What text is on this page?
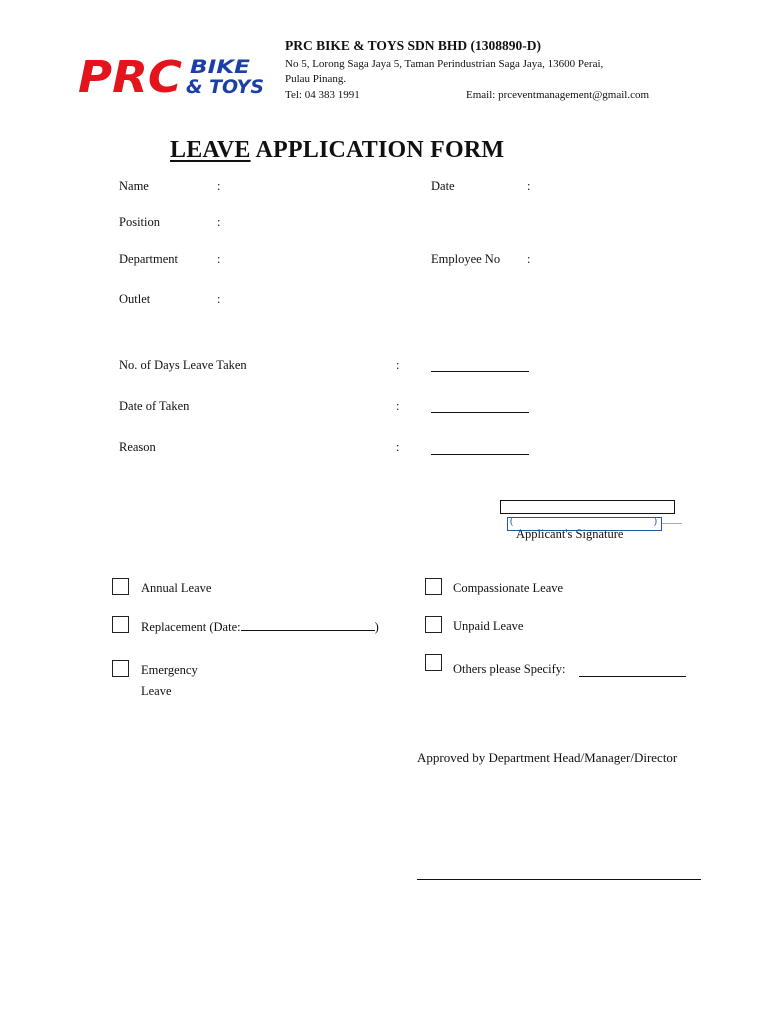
PRC BIKE
& TOYS
PRC BIKE & TOYS SDN BHD (1308890-D)
No 5, Lorong Saga Jaya 5, Taman Perindustrian Saga Jaya, 13600 Perai,
Pulau Pinang.
Tel: 04 383 1991	Email: prceventmanagement@gmail.com
LEAVE APPLICATION FORM
Name	:	Date	:
Position	:
Department	:	Employee No :
Outlet	:
No. of Days Leave Taken	:
Date of Taken	:
Reason	:
Applicant's Signature
(	)
Annual Leave	Compassionate Leave
Replacement (Date:	)	Unpaid Leave
Emergency
Leave
Others please Specify:
Approved by Department Head/Manager/Director
